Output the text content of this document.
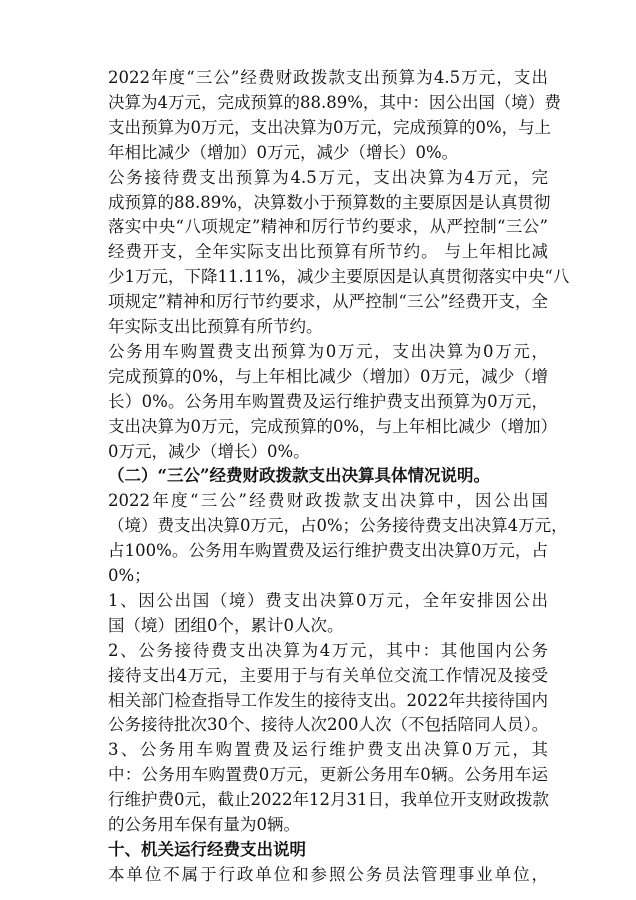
2022年度“三公”经费财政拨款支出预算为4.5万元，支出
决算为4万元，完成预算的88.89%，其中：因公出国（境）费
支出预算为0万元，支出决算为0万元，完成预算的0%，与上
年相比减少（增加）0万元，减少（增长）0%。
公务接待费支出预算为4.5万元，支出决算为4万元，完
成预算的88.89%，决算数小于预算数的主要原因是认真贯彻
落实中央“八项规定”精神和厉行节约要求，从严控制“三公”
经费开支，全年实际支出比预算有所节约。 与上年相比减
少1万元，下降11.11%，减少主要原因是认真贯彻落实中央“八
项规定”精神和厉行节约要求，从严控制“三公”经费开支，全
年实际支出比预算有所节约。
公务用车购置费支出预算为0万元，支出决算为0万元，
完成预算的0%，与上年相比减少（增加）0万元，减少（增
长）0%。公务用车购置费及运行维护费支出预算为0万元，
支出决算为0万元，完成预算的0%，与上年相比减少（增加）
0万元，减少（增长）0%。
（二）“三公”经费财政拨款支出决算具体情况说明。
2022年度“三公”经费财政拨款支出决算中，因公出国
（境）费支出决算0万元，占0%；公务接待费支出决算4万元，
占100%。公务用车购置费及运行维护费支出决算0万元，占
0%；
1、因公出国（境）费支出决算0万元，全年安排因公出
国（境）团组0个，累计0人次。
2、公务接待费支出决算为4万元，其中：其他国内公务
接待支出4万元，主要用于与有关单位交流工作情况及接受
相关部门检查指导工作发生的接待支出。2022年共接待国内
公务接待批次30个、接待人次200人次（不包括陪同人员）。
3、公务用车购置费及运行维护费支出决算0万元，其
中：公务用车购置费0万元，更新公务用车0辆。公务用车运
行维护费0元，截止2022年12月31日，我单位开支财政拨款
的公务用车保有量为0辆。
十、机关运行经费支出说明
本单位不属于行政单位和参照公务员法管理事业单位，
